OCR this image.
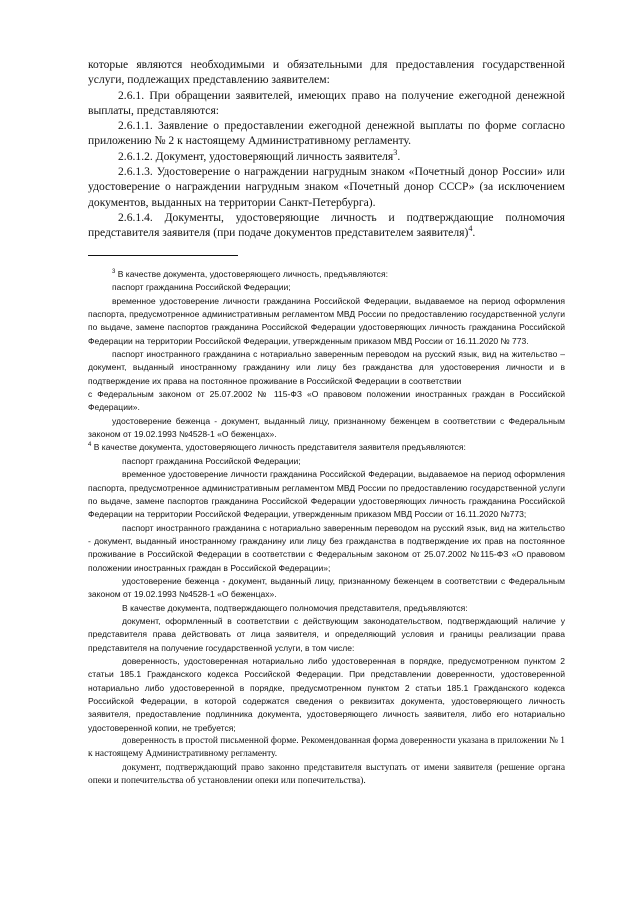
которые являются необходимыми и обязательными для предоставления государственной услуги, подлежащих представлению заявителем:

2.6.1. При обращении заявителей, имеющих право на получение ежегодной денежной выплаты, представляются:

2.6.1.1. Заявление о предоставлении ежегодной денежной выплаты по форме согласно приложению № 2 к настоящему Административному регламенту.

2.6.1.2. Документ, удостоверяющий личность заявителя$^3$.

2.6.1.3. Удостоверение о награждении нагрудным знаком «Почетный донор России» или удостоверение о награждении нагрудным знаком «Почетный донор СССР» (за исключением документов, выданных на территории Санкт-Петербурга).

2.6.1.4. Документы, удостоверяющие личность и подтверждающие полномочия представителя заявителя (при подаче документов представителем заявителя)$^4$.

$^3$ В качестве документа, удостоверяющего личность, предъявляются:

паспорт гражданина Российской Федерации;

временное удостоверение личности гражданина Российской Федерации, выдаваемое на период оформления паспорта, предусмотренное административным регламентом МВД России по предоставлению государственной услуги по выдаче, замене паспортов гражданина Российской Федерации удостоверяющих личность гражданина Российской Федерации на территории Российской Федерации, утвержденным приказом МВД России от 16.11.2020 № 773.

паспорт иностранного гражданина с нотариально заверенным переводом на русский язык, вид на жительство – документ, выданный иностранному гражданину или лицу без гражданства для удостоверения личности и в подтверждение их права на постоянное проживание в Российской Федерации в соответствии

с Федеральным законом от 25.07.2002 № 115-ФЗ «О правовом положении иностранных граждан в Российской Федерации».

удостоверение беженца - документ, выданный лицу, признанному беженцем в соответствии с Федеральным законом от 19.02.1993 №4528-1 «О беженцах».

$^4$ В качестве документа, удостоверяющего личность представителя заявителя предъявляются:

паспорт гражданина Российской Федерации;

временное удостоверение личности гражданина Российской Федерации, выдаваемое на период оформления паспорта, предусмотренное административным регламентом МВД России по предоставлению государственной услуги по выдаче, замене паспортов гражданина Российской Федерации удостоверяющих личность гражданина Российской Федерации на территории Российской Федерации, утвержденным приказом МВД России от 16.11.2020 №773;

паспорт иностранного гражданина с нотариально заверенным переводом на русский язык, вид на жительство - документ, выданный иностранному гражданину или лицу без гражданства в подтверждение их прав на постоянное проживание в Российской Федерации в соответствии с Федеральным законом от 25.07.2002 №115-ФЗ «О правовом положении иностранных граждан в Российской Федерации»;

удостоверение беженца - документ, выданный лицу, признанному беженцем в соответствии с Федеральным законом от 19.02.1993 №4528-1 «О беженцах».

В качестве документа, подтверждающего полномочия представителя, предъявляются:

документ, оформленный в соответствии с действующим законодательством, подтверждающий наличие у представителя права действовать от лица заявителя, и определяющий условия и границы реализации права представителя на получение государственной услуги, в том числе:

доверенность, удостоверенная нотариально либо удостоверенная в порядке, предусмотренном пунктом 2 статьи 185.1 Гражданского кодекса Российской Федерации. При представлении доверенности, удостоверенной нотариально либо удостоверенной в порядке, предусмотренном пунктом 2 статьи 185.1 Гражданского кодекса Российской Федерации, в которой содержатся сведения о реквизитах документа, удостоверяющего личность заявителя, предоставление подлинника документа, удостоверяющего личность заявителя, либо его нотариально удостоверенной копии, не требуется;

доверенность в простой письменной форме. Рекомендованная форма доверенности указана в приложении № 1 к настоящему Административному регламенту.

документ, подтверждающий право законно представителя выступать от имени заявителя (решение органа опеки и попечительства об установлении опеки или попечительства).
